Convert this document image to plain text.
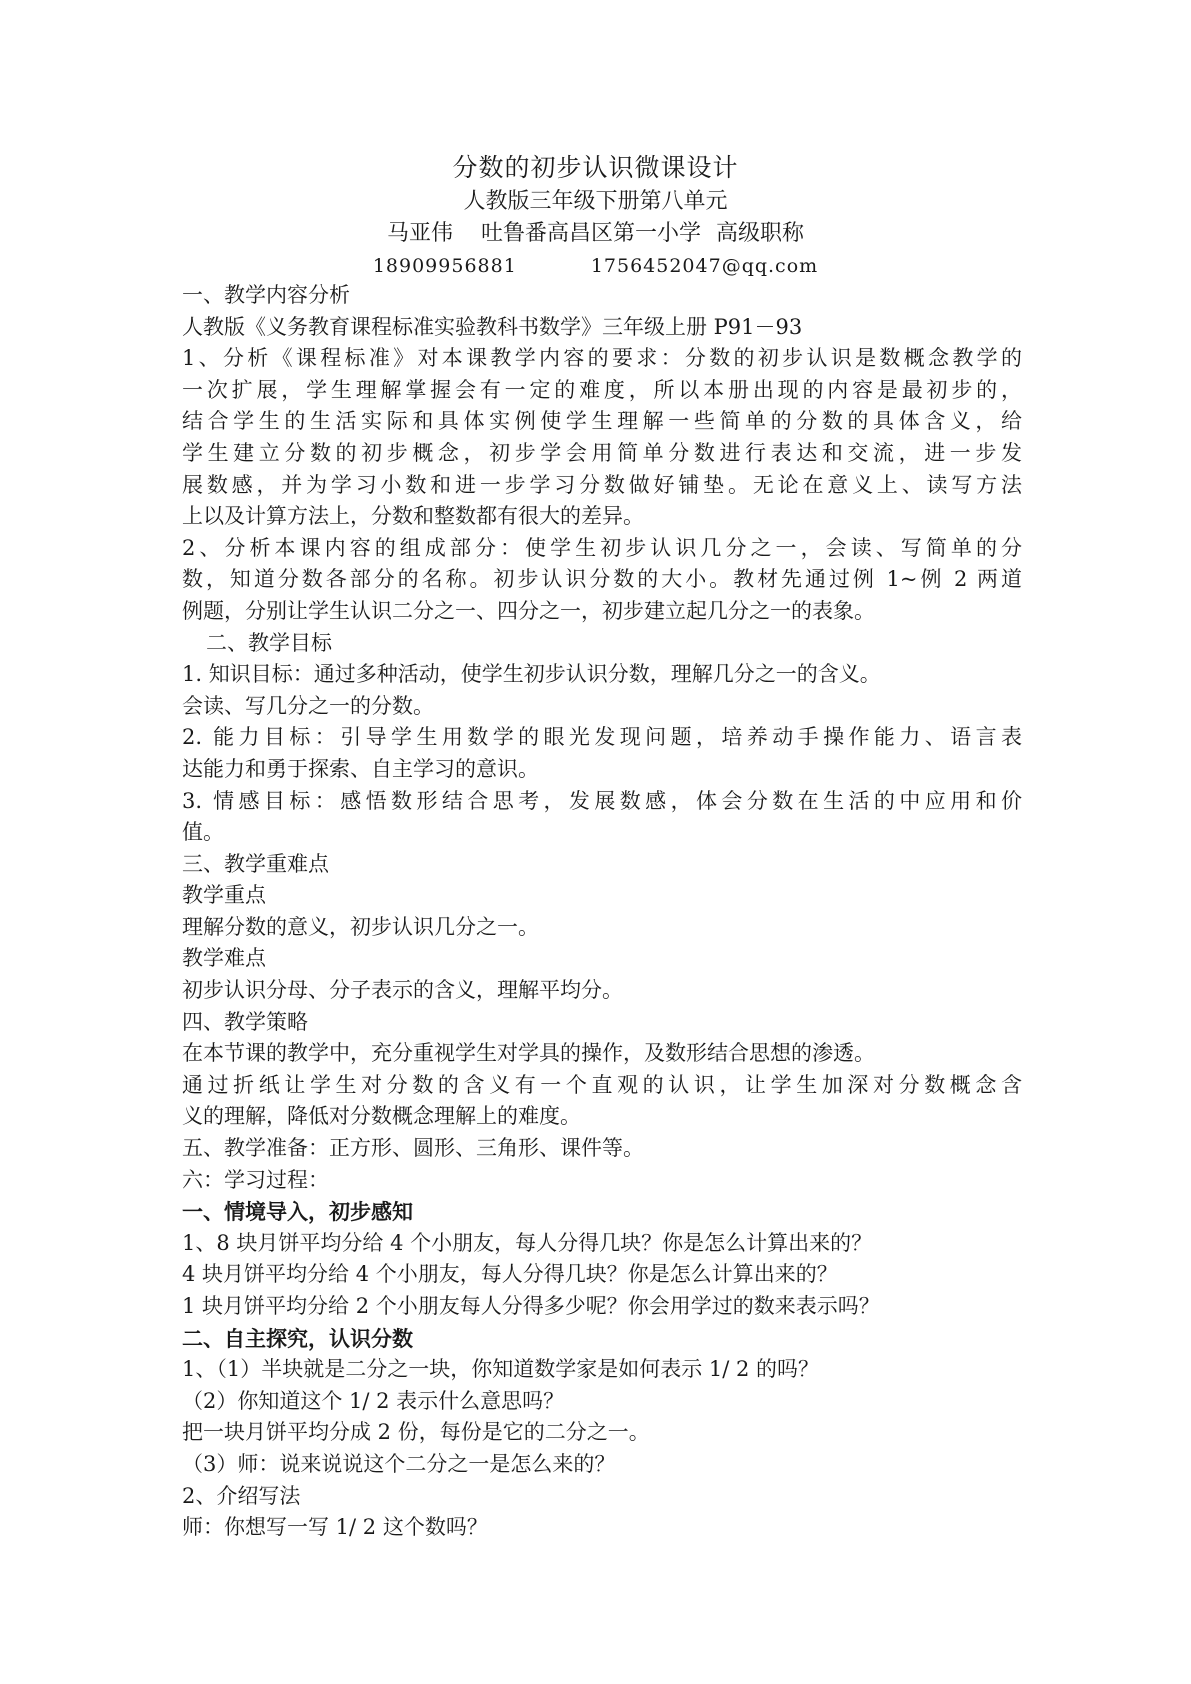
分数的初步认识微课设计
人教版三年级下册第八单元
马亚伟 吐鲁番高昌区第一小学 高级职称
18909956881	1756452047@qq.com
一、教学内容分析
人教版《义务教育课程标准实验教科书数学》三年级上册 P91－93
1、分析《课程标准》对本课教学内容的要求：分数的初步认识是数概念教学的
一次扩展，学生理解掌握会有一定的难度，所以本册出现的内容是最初步的，
结合学生的生活实际和具体实例使学生理解一些简单的分数的具体含义，给
学生建立分数的初步概念，初步学会用简单分数进行表达和交流，进一步发
展数感，并为学习小数和进一步学习分数做好铺垫。无论在意义上、读写方法
上以及计算方法上，分数和整数都有很大的差异。
2、分析本课内容的组成部分：使学生初步认识几分之一，会读、写简单的分
数，知道分数各部分的名称。初步认识分数的大小。教材先通过例 1~例 2 两道
例题，分别让学生认识二分之一、四分之一，初步建立起几分之一的表象。
二、教学目标
1. 知识目标：通过多种活动，使学生初步认识分数，理解几分之一的含义。
会读、写几分之一的分数。
2. 能力目标：引导学生用数学的眼光发现问题，培养动手操作能力、语言表
达能力和勇于探索、自主学习的意识。
3. 情感目标：感悟数形结合思考，发展数感，体会分数在生活的中应用和价
值。
三、教学重难点
教学重点
理解分数的意义，初步认识几分之一。
教学难点
初步认识分母、分子表示的含义，理解平均分。
四、教学策略
在本节课的教学中，充分重视学生对学具的操作，及数形结合思想的渗透。
通过折纸让学生对分数的含义有一个直观的认识，让学生加深对分数概念含
义的理解，降低对分数概念理解上的难度。
五、教学准备：正方形、圆形、三角形、课件等。
六：学习过程：
一、情境导入，初步感知
1、8 块月饼平均分给 4 个小朋友，每人分得几块？你是怎么计算出来的？
4 块月饼平均分给 4 个小朋友，每人分得几块？你是怎么计算出来的？
1 块月饼平均分给 2 个小朋友每人分得多少呢？你会用学过的数来表示吗？
二、自主探究，认识分数
1、（1）半块就是二分之一块，你知道数学家是如何表示 1/ 2 的吗？
（2）你知道这个 1/ 2 表示什么意思吗？
把一块月饼平均分成 2 份，每份是它的二分之一。
（3）师：说来说说这个二分之一是怎么来的？
2、介绍写法
师：你想写一写 1/ 2 这个数吗？
